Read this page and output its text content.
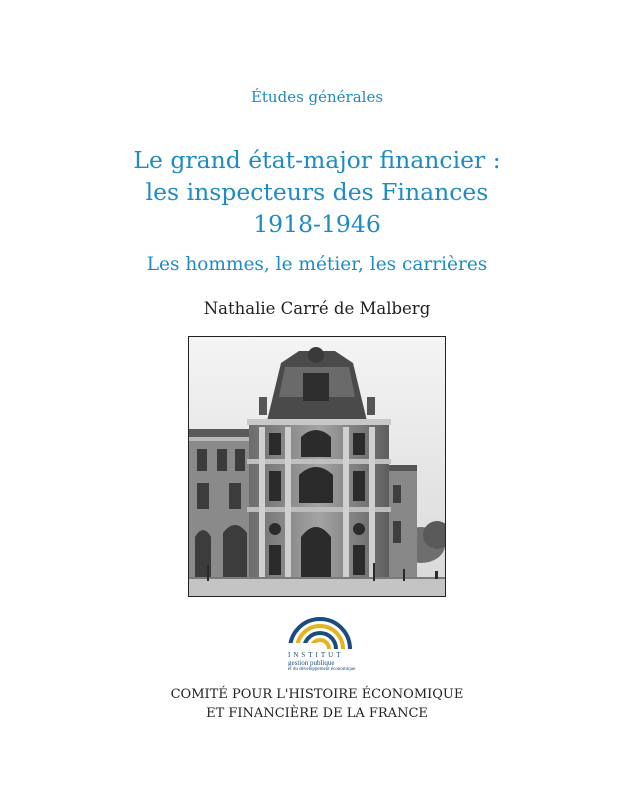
Études générales
Le grand état-major financier :
les inspecteurs des Finances
1918-1946
Les hommes, le métier, les carrières
Nathalie Carré de Malberg
INSTITUT
gestion publique
et du développement économique
COMITÉ POUR L'HISTOIRE ÉCONOMIQUE
ET FINANCIÈRE DE LA FRANCE
